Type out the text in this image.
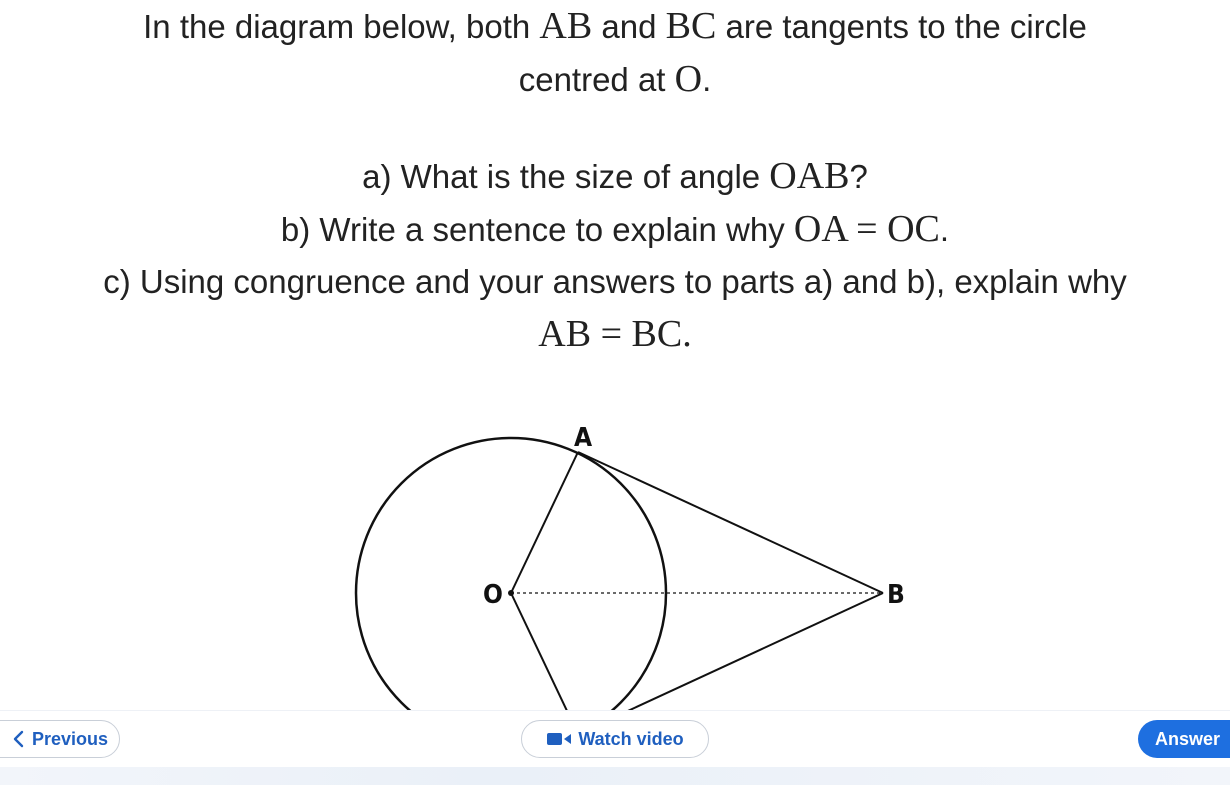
In the diagram below, both AB and BC are tangents to the circle
centred at O.
a) What is the size of angle OAB?
b) Write a sentence to explain why OA = OC.
c) Using congruence and your answers to parts a) and b), explain why
AB = BC.
A
O	B
Previous	Watch video	Answer
